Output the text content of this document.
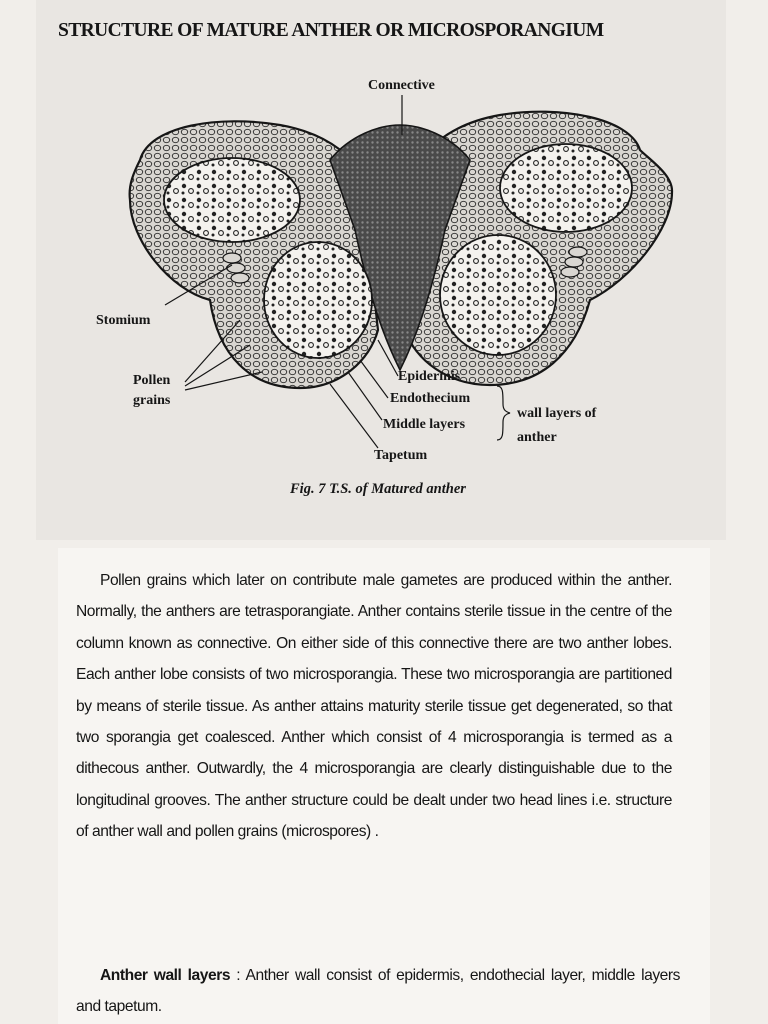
STRUCTURE OF MATURE ANTHER OR MICROSPORANGIUM
Connective
Stomium
Pollen
grains
Epidermis
Endothecium
Middle layers
Tapetum
wall layers of
anther
Fig. 7 T.S. of Matured anther

Pollen grains which later on contribute male gametes are produced within the anther. Normally, the anthers are tetrasporangiate. Anther contains sterile tissue in the centre of the column known as connective. On either side of this connective there are two anther lobes. Each anther lobe consists of two microsporangia. These two microsporangia are partitioned by means of sterile tissue. As anther attains maturity sterile tissue get degenerated, so that two sporangia get coalesced. Anther which consist of 4 microsporangia is termed as a dithecous anther. Outwardly, the 4 microsporangia are clearly distinguishable due to the longitudinal grooves. The anther structure could be dealt under two head lines i.e. structure of anther wall and pollen grains (microspores) .

Anther wall layers : Anther wall consist of epidermis, endothecial layer, middle layers and tapetum.
